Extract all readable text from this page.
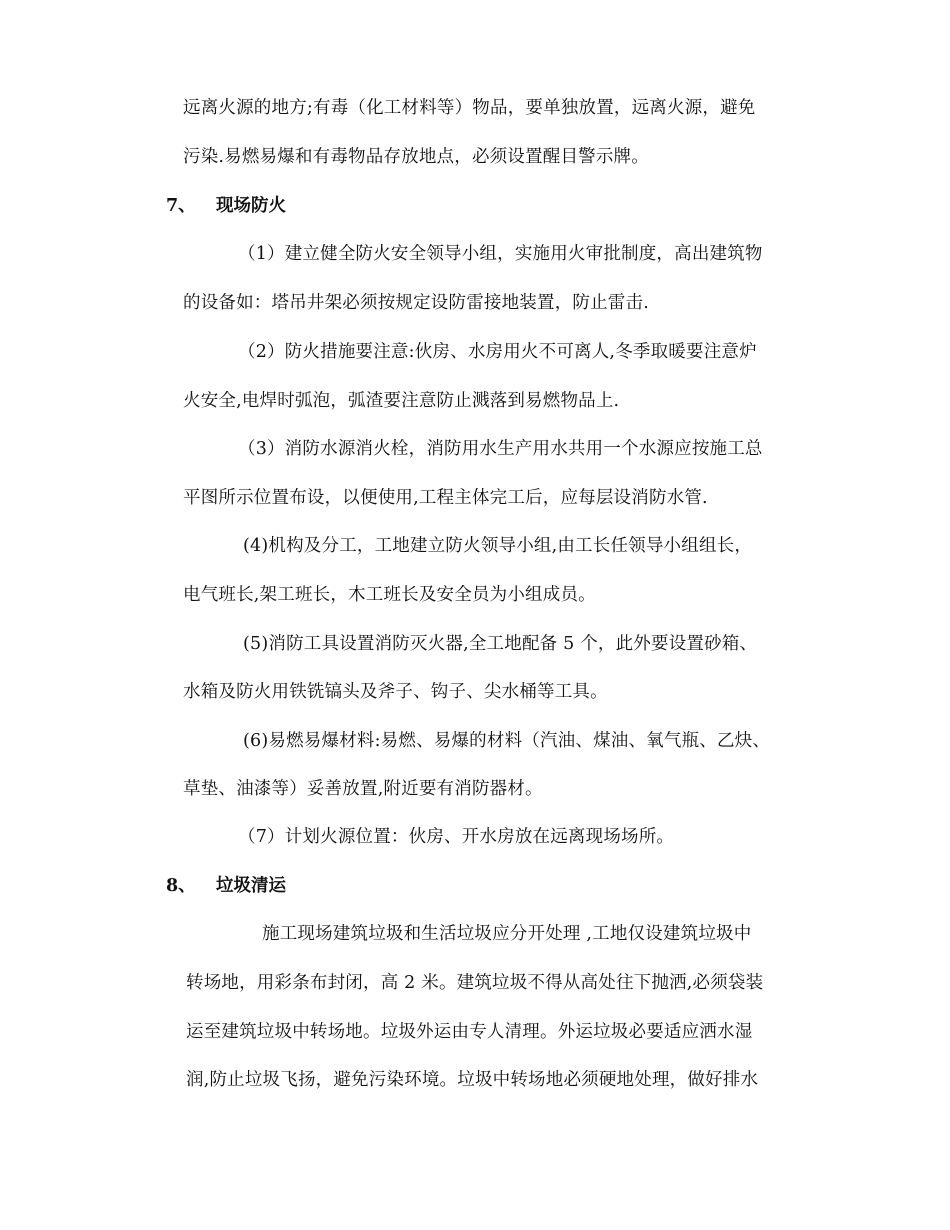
远离火源的地方;有毒（化工材料等）物品，要单独放置，远离火源，避免
污染.易燃易爆和有毒物品存放地点，必须设置醒目警示牌。
7、 现场防火
（1）建立健全防火安全领导小组，实施用火审批制度，高出建筑物
的设备如：塔吊井架必须按规定设防雷接地装置，防止雷击.
（2）防火措施要注意:伙房、水房用火不可离人,冬季取暖要注意炉
火安全,电焊时弧泡，弧渣要注意防止溅落到易燃物品上.
（3）消防水源消火栓，消防用水生产用水共用一个水源应按施工总
平图所示位置布设，以便使用,工程主体完工后，应每层设消防水管.
(4)机构及分工，工地建立防火领导小组,由工长任领导小组组长，
电气班长,架工班长，木工班长及安全员为小组成员。
(5)消防工具设置消防灭火器,全工地配备 5 个，此外要设置砂箱、
水箱及防火用铁铣镐头及斧子、钩子、尖水桶等工具。
(6)易燃易爆材料:易燃、易爆的材料（汽油、煤油、氧气瓶、乙炔、
草垫、油漆等）妥善放置,附近要有消防器材。
（7）计划火源位置：伙房、开水房放在远离现场场所。
8、 垃圾清运
施工现场建筑垃圾和生活垃圾应分开处理 ,工地仅设建筑垃圾中
转场地，用彩条布封闭，高 2 米。建筑垃圾不得从高处往下抛洒,必须袋装
运至建筑垃圾中转场地。垃圾外运由专人清理。外运垃圾必要适应洒水湿
润,防止垃圾飞扬，避免污染环境。垃圾中转场地必须硬地处理，做好排水
